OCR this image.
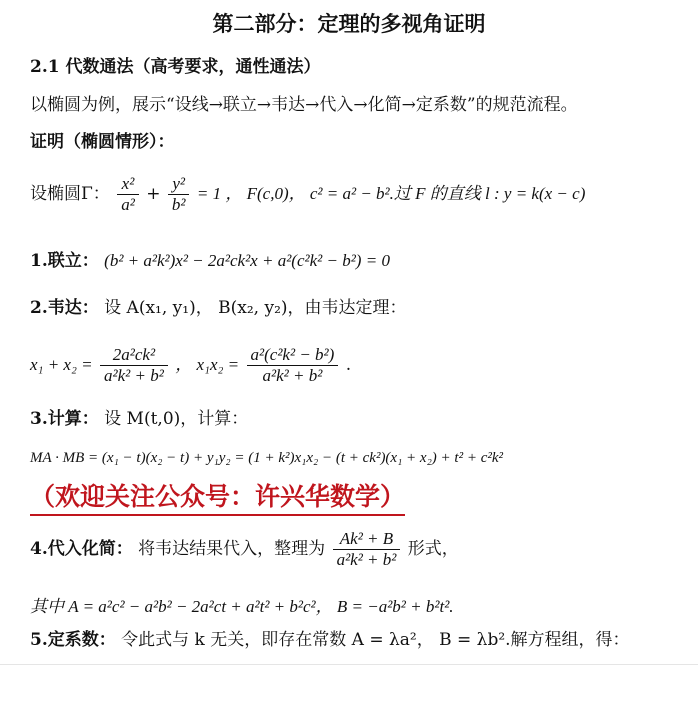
第二部分：定理的多视角证明
2.1 代数通法（高考要求，通性通法）
以椭圆为例，展示“设线→联立→韦达→代入→化简→定系数”的规范流程。
证明（椭圆情形）：
设椭圆Γ： $\frac{\text{x²}}{\text{a²}} + \frac{\text{y²}}{\text{b²}} = 1$ ， F(c,0)， c² = a² − b².过 F 的直线 l : y = k(x − c)
1.联立： (b² + a²k²)x² − 2a²ck²x + a²(c²k² − b²) = 0
2.韦达： 设 A(x₁, y₁)， B(x₂, y₂)，由韦达定理：
$x_1 + x_2 = \frac{\text{2a²ck²}}{\text{a²k² + b²}}$ ， $x_1x_2 = \frac{\text{a²(c²k² − b²)}}{\text{a²k² + b²}}$ .
3.计算： 设 M(t,0)，计算：
MA · MB = (x₁ − t)(x₂ − t) + y₁y₂ = (1 + k²)x₁x₂ − (t + ck²)(x₁ + x₂) + t² + c²k²
（欢迎关注公众号：许兴华数学）
4.代入化简： 将韦达结果代入，整理为 $\frac{\text{Ak² + B}}{\text{a²k² + b²}}$ 形式，
其中 A = a²c² − a²b² − 2a²ct + a²t² + b²c²， B = −a²b² + b²t².
5.定系数： 令此式与 k 无关，即存在常数 A = λa²， B = λb².解方程组，得：
